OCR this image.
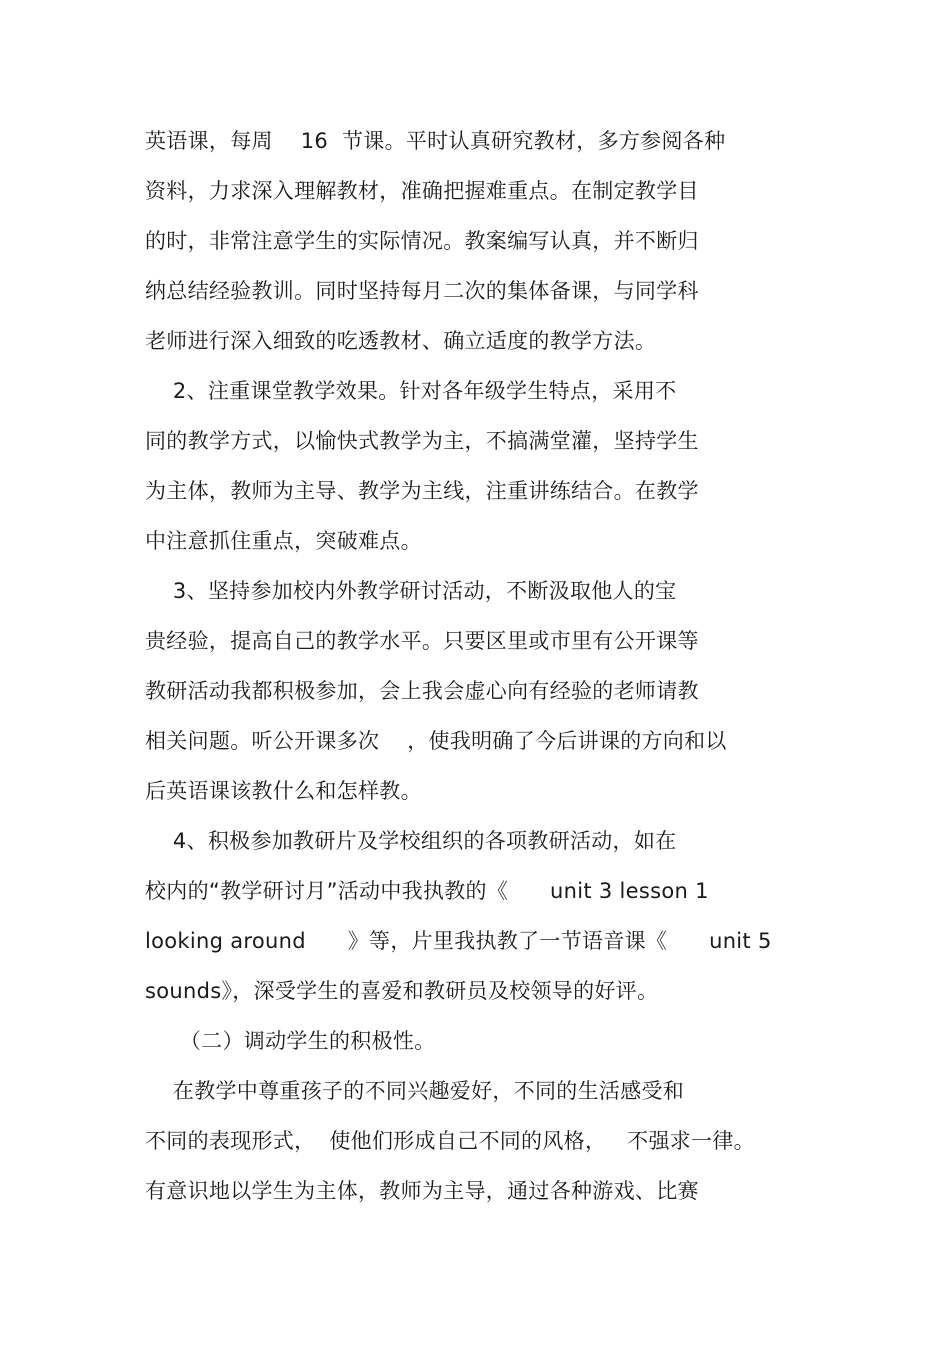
英语课，每周    16  节课。平时认真研究教材，多方参阅各种
资料，力求深入理解教材，准确把握难重点。在制定教学目
的时，非常注意学生的实际情况。教案编写认真，并不断归
纳总结经验教训。同时坚持每月二次的集体备课，与同学科
老师进行深入细致的吃透教材、确立适度的教学方法。
2、注重课堂教学效果。针对各年级学生特点，采用不
同的教学方式，以愉快式教学为主，不搞满堂灌，坚持学生
为主体，教师为主导、教学为主线，注重讲练结合。在教学
中注意抓住重点，突破难点。
3、坚持参加校内外教学研讨活动，不断汲取他人的宝
贵经验，提高自己的教学水平。只要区里或市里有公开课等
教研活动我都积极参加，会上我会虚心向有经验的老师请教
相关问题。听公开课多次    ，使我明确了今后讲课的方向和以
后英语课该教什么和怎样教。
4、积极参加教研片及学校组织的各项教研活动，如在
校内的“教学研讨月”活动中我执教的《      unit 3 lesson 1
looking around      》等，片里我执教了一节语音课《      unit 5
sounds》，深受学生的喜爱和教研员及校领导的好评。
（二）调动学生的积极性。
在教学中尊重孩子的不同兴趣爱好，不同的生活感受和
不同的表现形式，  使他们形成自己不同的风格，   不强求一律。
有意识地以学生为主体，教师为主导，通过各种游戏、比赛
